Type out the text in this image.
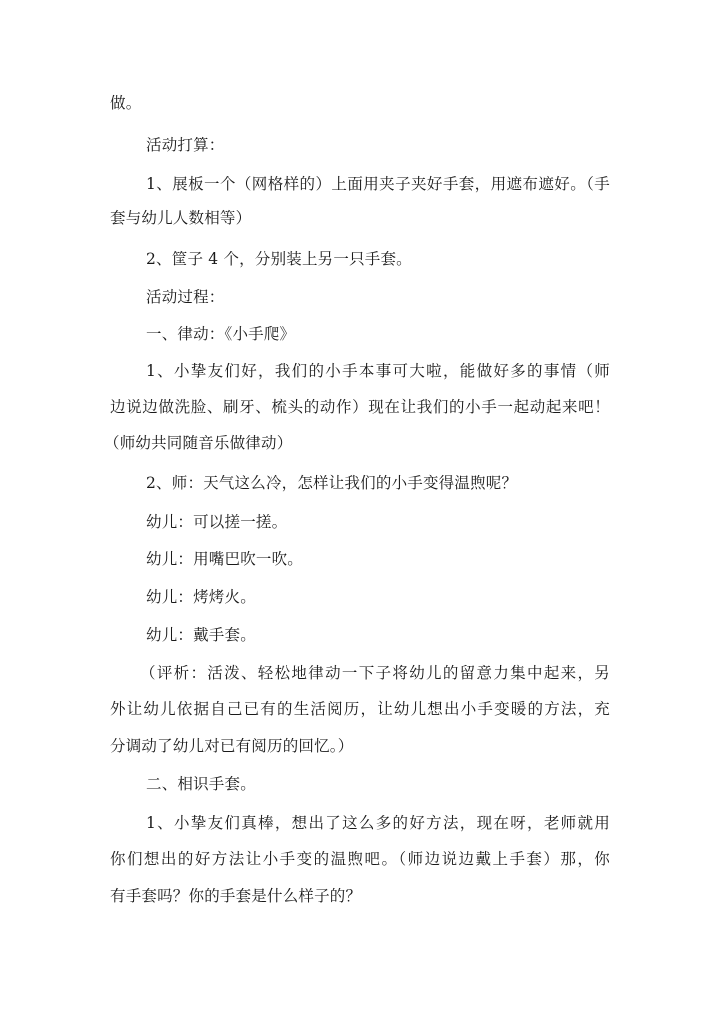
做。
活动打算：
1、展板一个（网格样的）上面用夹子夹好手套，用遮布遮好。（手
套与幼儿人数相等）
2、筐子 4 个，分别装上另一只手套。
活动过程：
一、律动：《小手爬》
1、小挚友们好，我们的小手本事可大啦，能做好多的事情（师
边说边做洗脸、刷牙、梳头的动作）现在让我们的小手一起动起来吧！
（师幼共同随音乐做律动）
2、师：天气这么冷，怎样让我们的小手变得温煦呢？
幼儿：可以搓一搓。
幼儿：用嘴巴吹一吹。
幼儿：烤烤火。
幼儿：戴手套。
（评析：活泼、轻松地律动一下子将幼儿的留意力集中起来，另
外让幼儿依据自己已有的生活阅历，让幼儿想出小手变暖的方法，充
分调动了幼儿对已有阅历的回忆。）
二、相识手套。
1、小挚友们真棒，想出了这么多的好方法，现在呀，老师就用
你们想出的好方法让小手变的温煦吧。（师边说边戴上手套）那，你
有手套吗？你的手套是什么样子的？
